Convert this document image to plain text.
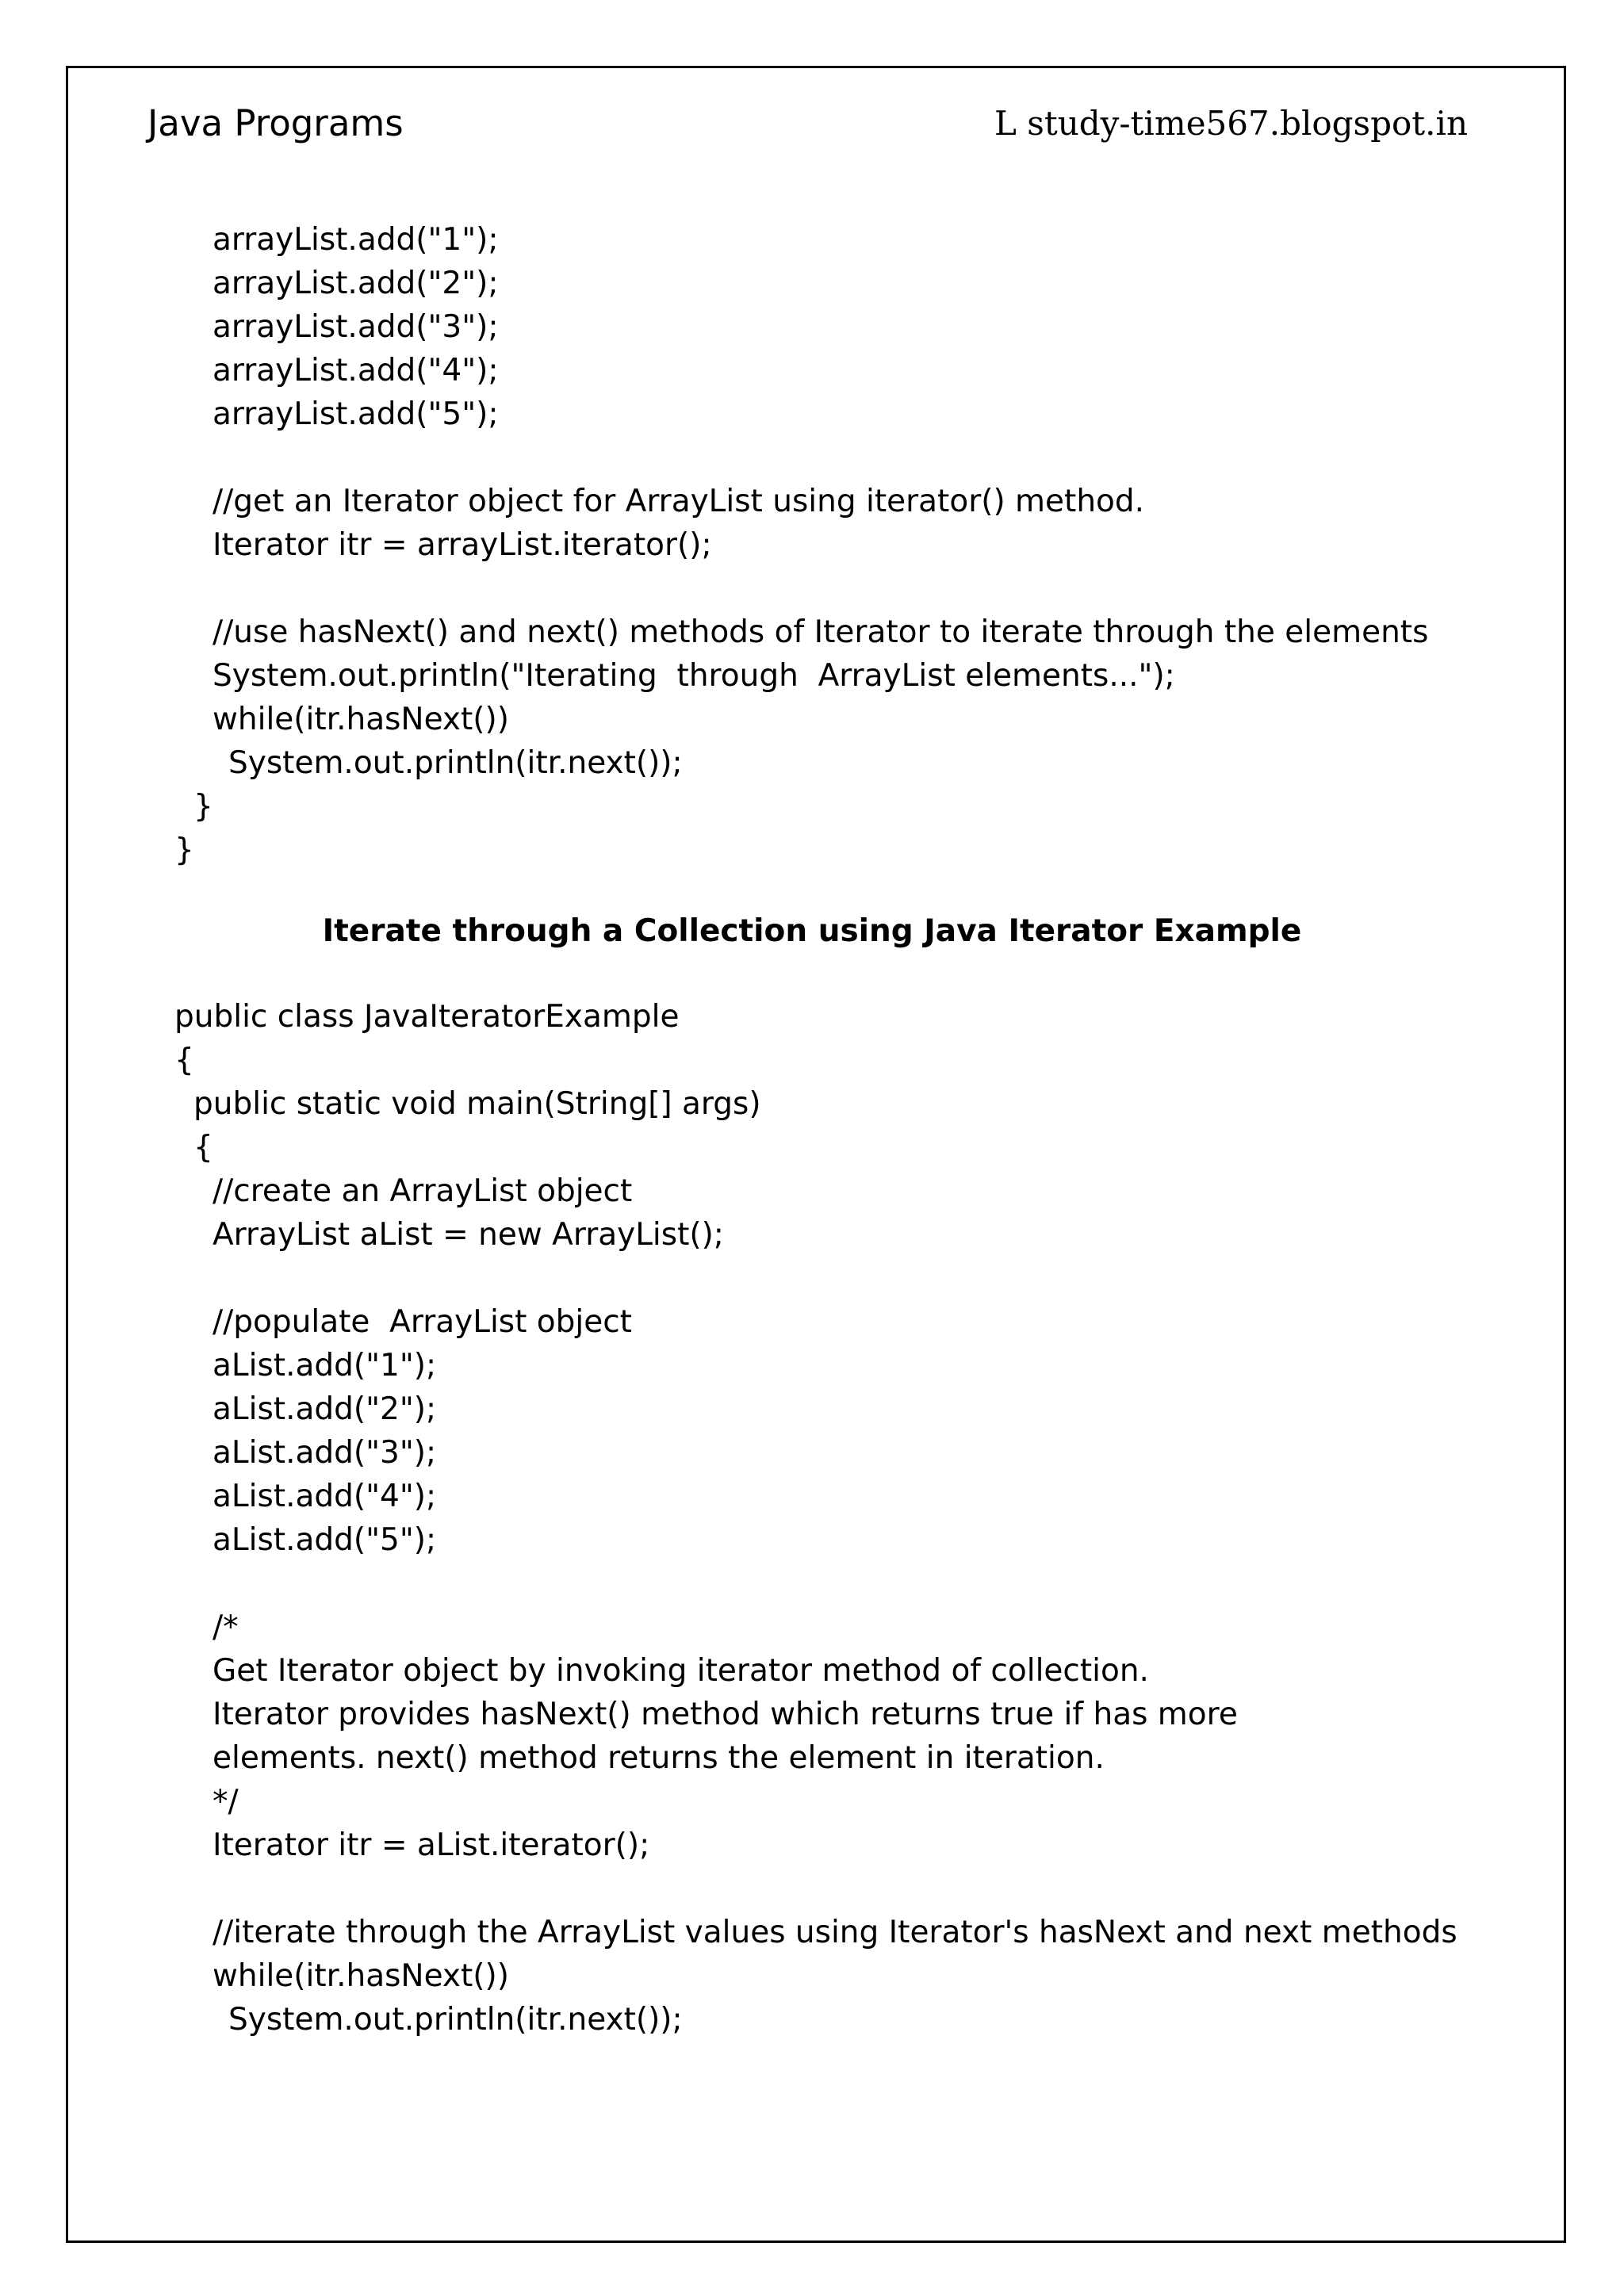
Java Programs	L study-time567.blogspot.in
arrayList.add("1");
arrayList.add("2");
arrayList.add("3");
arrayList.add("4");
arrayList.add("5");
//get an Iterator object for ArrayList using iterator() method.
Iterator itr = arrayList.iterator();
//use hasNext() and next() methods of Iterator to iterate through the elements
System.out.println("Iterating  through  ArrayList elements...");
while(itr.hasNext())
System.out.println(itr.next());
}
}
Iterate through a Collection using Java Iterator Example
public class JavaIteratorExample
{
public static void main(String[] args)
{
//create an ArrayList object
ArrayList aList = new ArrayList();
//populate  ArrayList object
aList.add("1");
aList.add("2");
aList.add("3");
aList.add("4");
aList.add("5");
/*
Get Iterator object by invoking iterator method of collection.
Iterator provides hasNext() method which returns true if has more
elements. next() method returns the element in iteration.
*/
Iterator itr = aList.iterator();
//iterate through the ArrayList values using Iterator's hasNext and next methods
while(itr.hasNext())
System.out.println(itr.next());
